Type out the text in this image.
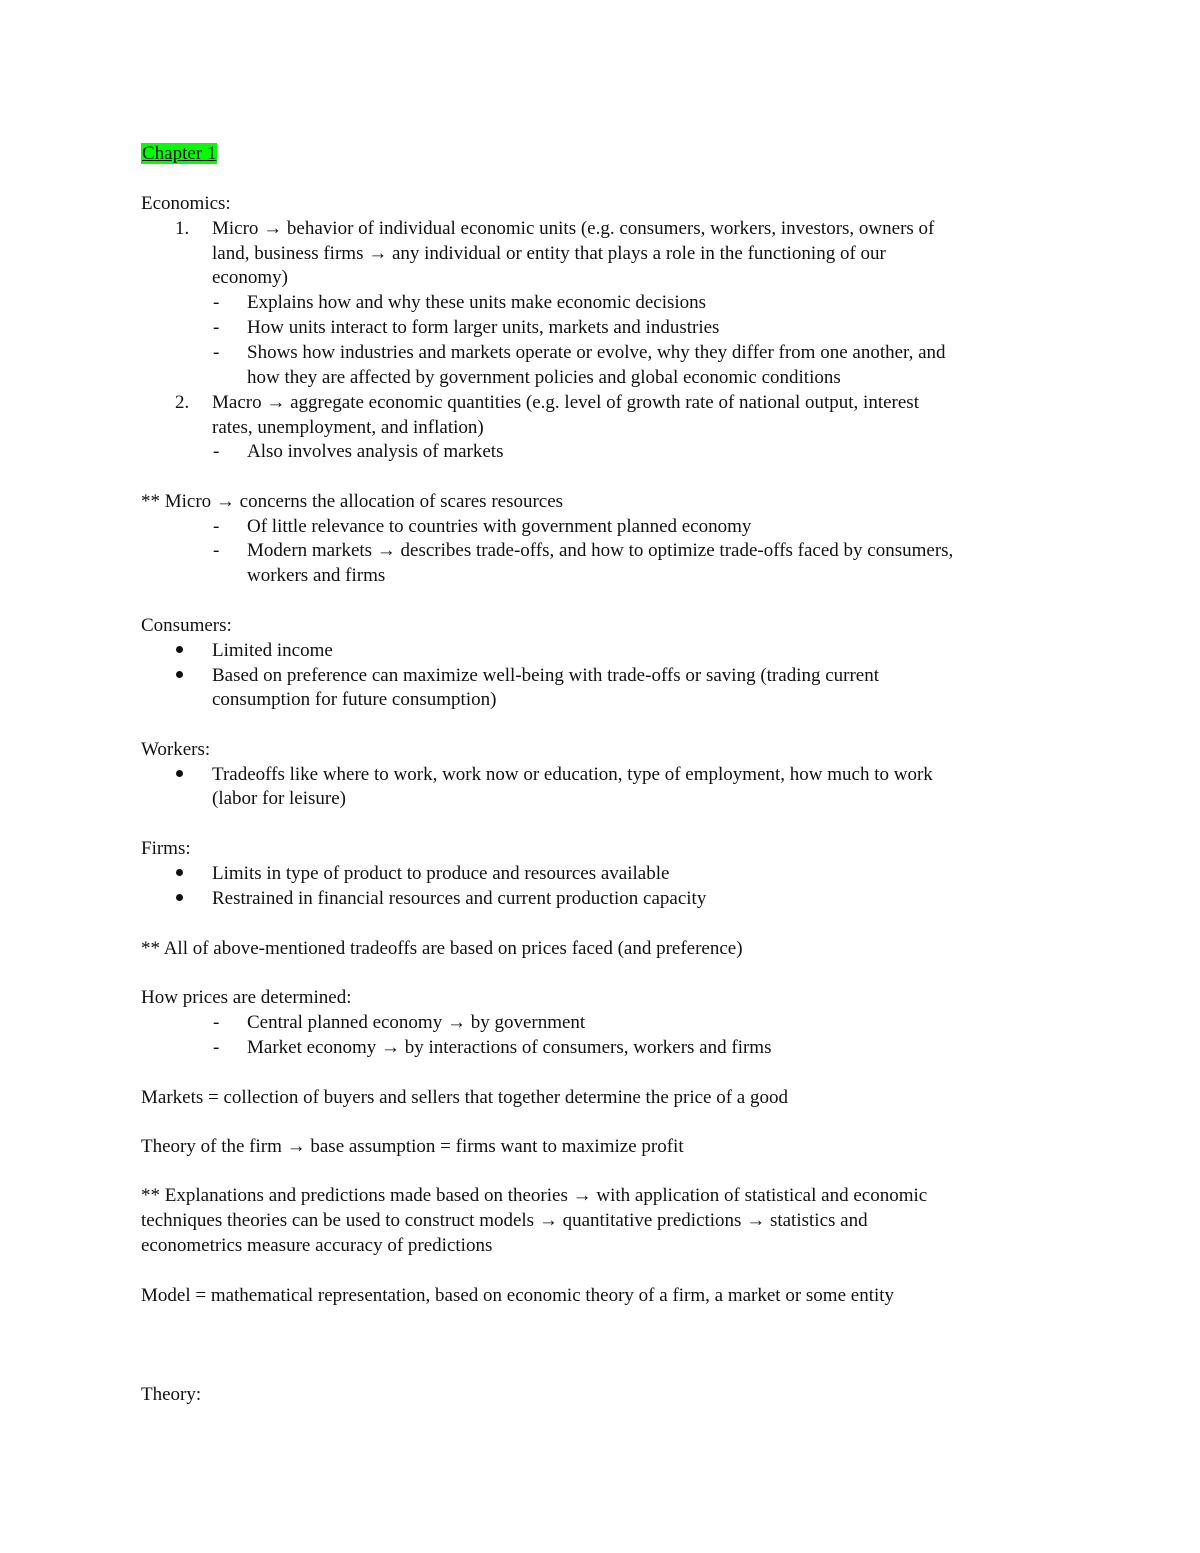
Chapter 1
Economics:
1. Micro → behavior of individual economic units (e.g. consumers, workers, investors, owners of
land, business firms → any individual or entity that plays a role in the functioning of our
economy)
- Explains how and why these units make economic decisions
- How units interact to form larger units, markets and industries
- Shows how industries and markets operate or evolve, why they differ from one another, and
how they are affected by government policies and global economic conditions
2. Macro → aggregate economic quantities (e.g. level of growth rate of national output, interest
rates, unemployment, and inflation)
- Also involves analysis of markets
** Micro → concerns the allocation of scares resources
- Of little relevance to countries with government planned economy
- Modern markets → describes trade-offs, and how to optimize trade-offs faced by consumers,
workers and firms
Consumers:
Limited income
Based on preference can maximize well-being with trade-offs or saving (trading current
consumption for future consumption)
Workers:
Tradeoffs like where to work, work now or education, type of employment, how much to work
(labor for leisure)
Firms:
Limits in type of product to produce and resources available
Restrained in financial resources and current production capacity
** All of above-mentioned tradeoffs are based on prices faced (and preference)
How prices are determined:
- Central planned economy → by government
- Market economy → by interactions of consumers, workers and firms
Markets = collection of buyers and sellers that together determine the price of a good
Theory of the firm → base assumption = firms want to maximize profit
** Explanations and predictions made based on theories → with application of statistical and economic
techniques theories can be used to construct models → quantitative predictions → statistics and
econometrics measure accuracy of predictions
Model = mathematical representation, based on economic theory of a firm, a market or some entity
Theory:
